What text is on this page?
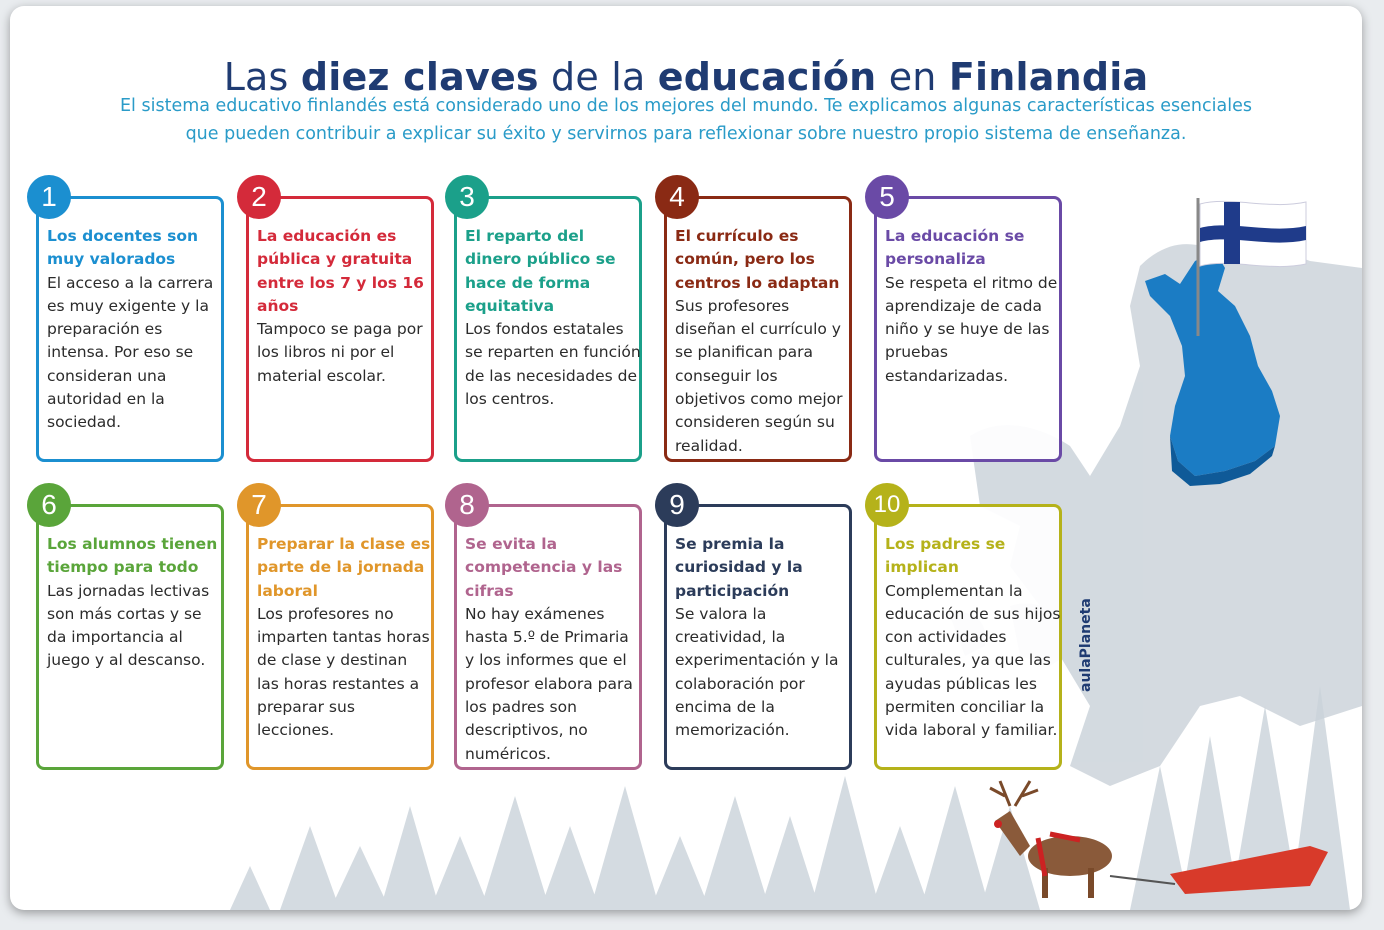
Las diez claves de la educación en Finlandia
El sistema educativo finlandés está considerado uno de los mejores del mundo. Te explicamos algunas características esenciales
que pueden contribuir a explicar su éxito y servirnos para reflexionar sobre nuestro propio sistema de enseñanza.
1
Los docentes son muy valorados
El acceso a la carrera es muy exigente y la preparación es intensa. Por eso se consideran una autoridad en la sociedad.
2
La educación es pública y gratuita entre los 7 y los 16 años
Tampoco se paga por los libros ni por el material escolar.
3
El reparto del dinero público se hace de forma equitativa
Los fondos estatales se reparten en función de las necesidades de los centros.
4
El currículo es común, pero los centros lo adaptan
Sus profesores diseñan el currículo y se planifican para conseguir los objetivos como mejor consideren según su realidad.
5
La educación se personaliza
Se respeta el ritmo de aprendizaje de cada niño y se huye de las pruebas estandarizadas.
6
Los alumnos tienen tiempo para todo
Las jornadas lectivas son más cortas y se da importancia al juego y al descanso.
7
Preparar la clase es parte de la jornada laboral
Los profesores no imparten tantas horas de clase y destinan las horas restantes a preparar sus lecciones.
8
Se evita la competencia y las cifras
No hay exámenes hasta 5.º de Primaria y los informes que el profesor elabora para los padres son descriptivos, no numéricos.
9
Se premia la curiosidad y la participación
Se valora la creatividad, la experimentación y la colaboración por encima de la memorización.
10
Los padres se implican
Complementan la educación de sus hijos con actividades culturales, ya que las ayudas públicas les permiten conciliar la vida laboral y familiar.
aulaPlaneta
